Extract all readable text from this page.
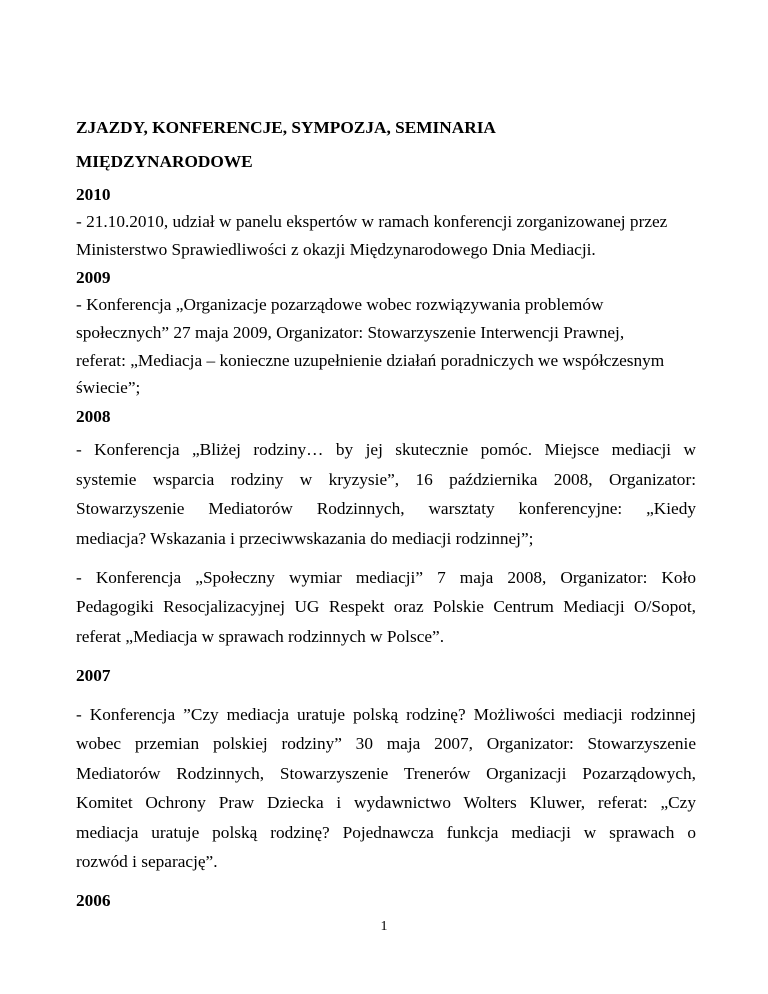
ZJAZDY, KONFERENCJE, SYMPOZJA, SEMINARIA
MIĘDZYNARODOWE
2010
- 21.10.2010, udział w panelu ekspertów w ramach konferencji zorganizowanej przez
Ministerstwo Sprawiedliwości z okazji Międzynarodowego Dnia Mediacji.
2009
- Konferencja „Organizacje pozarządowe wobec rozwiązywania problemów
społecznych” 27 maja 2009, Organizator: Stowarzyszenie Interwencji Prawnej,
referat: „Mediacja – konieczne uzupełnienie działań poradniczych we współczesnym
świecie”;
2008
- Konferencja „Bliżej rodziny… by jej skutecznie pomóc. Miejsce mediacji w
systemie wsparcia rodziny w kryzysie”, 16 października 2008, Organizator:
Stowarzyszenie Mediatorów Rodzinnych, warsztaty konferencyjne: „Kiedy
mediacja? Wskazania i przeciwwskazania do mediacji rodzinnej”;
- Konferencja „Społeczny wymiar mediacji” 7 maja 2008, Organizator: Koło
Pedagogiki Resocjalizacyjnej UG Respekt oraz Polskie Centrum Mediacji O/Sopot,
referat „Mediacja w sprawach rodzinnych w Polsce”.
2007
- Konferencja ”Czy mediacja uratuje polską rodzinę? Możliwości mediacji rodzinnej
wobec przemian polskiej rodziny” 30 maja 2007, Organizator: Stowarzyszenie
Mediatorów Rodzinnych, Stowarzyszenie Trenerów Organizacji Pozarządowych,
Komitet Ochrony Praw Dziecka i wydawnictwo Wolters Kluwer, referat: „Czy
mediacja uratuje polską rodzinę? Pojednawcza funkcja mediacji w sprawach o
rozwód i separację”.
2006
1
